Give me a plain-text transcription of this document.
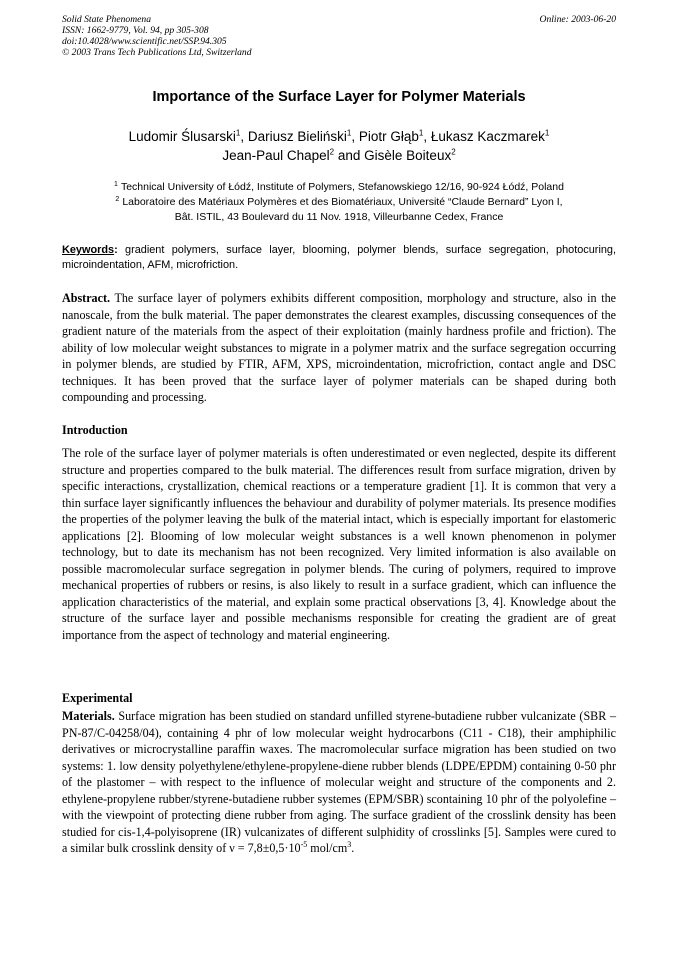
Solid State Phenomena
ISSN: 1662-9779, Vol. 94, pp 305-308
doi:10.4028/www.scientific.net/SSP.94.305
© 2003 Trans Tech Publications Ltd, Switzerland
Online: 2003-06-20
Importance of the Surface Layer for Polymer Materials
Ludomir Ślusarski$^1$, Dariusz Bieliński$^1$, Piotr Głąb$^1$, Łukasz Kaczmarek$^1$
Jean-Paul Chapel$^2$ and Gisèle Boiteux$^2$
$^1$ Technical University of Łódź, Institute of Polymers, Stefanowskiego 12/16, 90-924 Łódź, Poland
$^2$ Laboratoire des Matériaux Polymères et des Biomatériaux, Université “Claude Bernard” Lyon I,
Bât. ISTIL, 43 Boulevard du 11 Nov. 1918, Villeurbanne Cedex, France
Keywords: gradient polymers, surface layer, blooming, polymer blends, surface segregation, photocuring, microindentation, AFM, microfriction.
Abstract. The surface layer of polymers exhibits different composition, morphology and structure, also in the nanoscale, from the bulk material. The paper demonstrates the clearest examples, discussing consequences of the gradient nature of the materials from the aspect of their exploitation (mainly hardness profile and friction). The ability of low molecular weight substances to migrate in a polymer matrix and the surface segregation occurring in polymer blends, are studied by FTIR, AFM, XPS, microindentation, microfriction, contact angle and DSC techniques. It has been proved that the surface layer of polymer materials can be shaped during both compounding and processing.
Introduction
The role of the surface layer of polymer materials is often underestimated or even neglected, despite its different structure and properties compared to the bulk material. The differences result from surface migration, driven by specific interactions, crystallization, chemical reactions or a temperature gradient [1]. It is common that very a thin surface layer significantly influences the behaviour and durability of polymer materials. Its presence modifies the properties of the polymer leaving the bulk of the material intact, which is especially important for elastomeric applications [2]. Blooming of low molecular weight substances is a well known phenomenon in polymer technology, but to date its mechanism has not been recognized. Very limited information is also available on possible macromolecular surface segregation in polymer blends. The curing of polymers, required to improve mechanical properties of rubbers or resins, is also likely to result in a surface gradient, which can influence the application characteristics of the material, and explain some practical observations [3, 4]. Knowledge about the structure of the surface layer and possible mechanisms responsible for creating the gradient are of great importance from the aspect of technology and material engineering.
Experimental
Materials. Surface migration has been studied on standard unfilled styrene-butadiene rubber vulcanizate (SBR – PN-87/C-04258/04), containing 4 phr of low molecular weight hydrocarbons (C11 - C18), their amphiphilic derivatives or microcrystalline paraffin waxes. The macromolecular surface migration has been studied on two systems: 1. low density polyethylene/ethylene-propylene-diene rubber blends (LDPE/EPDM) containing 0-50 phr of the plastomer – with respect to the influence of molecular weight and structure of the components and 2. ethylene-propylene rubber/styrene-butadiene rubber systemes (EPM/SBR) scontaining 10 phr of the polyolefine – with the viewpoint of protecting diene rubber from aging. The surface gradient of the crosslink density has been studied for cis-1,4-polyisoprene (IR) vulcanizates of different sulphidity of crosslinks [5]. Samples were cured to a similar bulk crosslink density of $\nu = 7,8\pm 0,5\cdot 10^{-5}$ mol/$cm^3$.
